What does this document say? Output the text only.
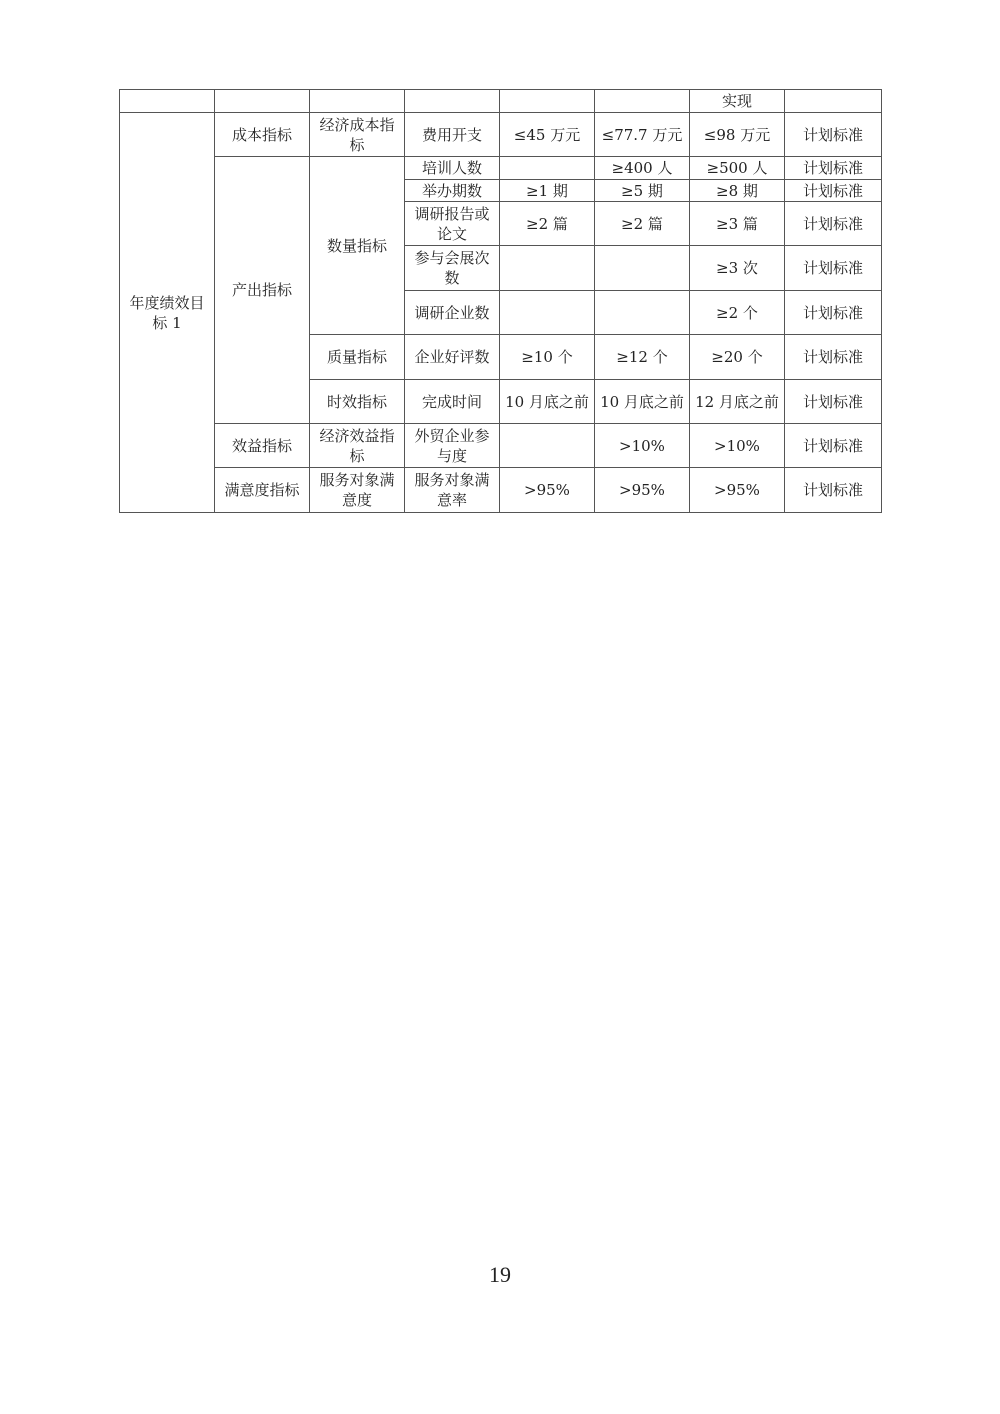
						实现	
年度绩效目标 1	成本指标	经济成本指标	费用开支	≤45 万元	≤77.7 万元	≤98 万元	计划标准
	产出指标	数量指标	培训人数		≥400 人	≥500 人	计划标准
			举办期数	≥1 期	≥5 期	≥8 期	计划标准
			调研报告或论文	≥2 篇	≥2 篇	≥3 篇	计划标准
			参与会展次数			≥3 次	计划标准
			调研企业数			≥2 个	计划标准
		质量指标	企业好评数	≥10 个	≥12 个	≥20 个	计划标准
		时效指标	完成时间	10 月底之前	10 月底之前	12 月底之前	计划标准
	效益指标	经济效益指标	外贸企业参与度		>10%	>10%	计划标准
	满意度指标	服务对象满意度	服务对象满意率	>95%	>95%	>95%	计划标准
19
